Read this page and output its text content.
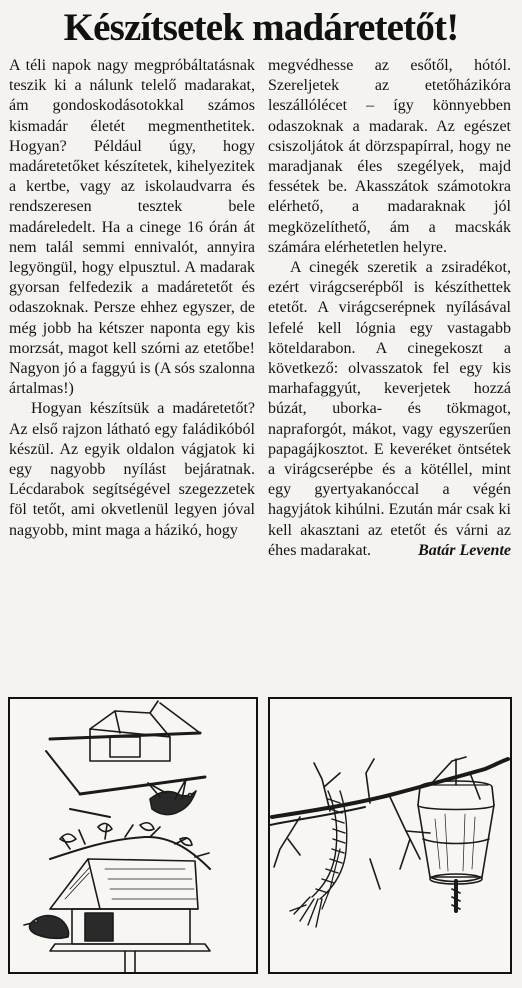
Készítsetek madáretetőt!

A téli napok nagy megpróbáltatásnak teszik ki a nálunk telelő madarakat, ám gondoskodásotokkal számos kismadár életét megmenthetitek. Hogyan? Például úgy, hogy madáretetőket készítetek, kihelyezitek a kertbe, vagy az iskolaudvarra és rendszeresen tesztek bele madáreledelt. Ha a cinege 16 órán át nem talál semmi ennivalót, annyira legyöngül, hogy elpusztul. A madarak gyorsan felfedezik a madáretetőt és odaszoknak. Persze ehhez egyszer, de még jobb ha kétszer naponta egy kis morzsát, magot kell szórni az etetőbe! Nagyon jó a faggyú is (A sós szalonna ártalmas!)

Hogyan készítsük a madáretetőt? Az első rajzon látható egy faládikóból készül. Az egyik oldalon vágjatok ki egy nagyobb nyílást bejáratnak. Lécdarabok segítségével szegezzetek föl tetőt, ami okvetlenül legyen jóval nagyobb, mint maga a házikó, hogy

megvédhesse az esőtől, hótól. Szereljetek az etetőházikóra leszállólécet – így könnyebben odaszoknak a madarak. Az egészet csiszoljátok át dörzspapírral, hogy ne maradjanak éles szegélyek, majd fessétek be. Akasszátok számotokra elérhető, a madaraknak jól megközelíthető, ám a macskák számára elérhetetlen helyre.

A cinegék szeretik a zsiradékot, ezért virágcserépből is készíthettek etetőt. A virágcserépnek nyílásával lefelé kell lógnia egy vastagabb köteldarabon. A cinegekoszt a következő: olvasszatok fel egy kis marhafaggyút, keverjetek hozzá búzát, uborka- és tökmagot, napraforgót, mákot, vagy egyszerűen papagájkosztot. E keveréket öntsétek a virágcserépbe és a kötéllel, mint egy gyertyakanóccal a végén hagyjátok kihúlni. Ezután már csak ki kell akasztani az etetőt és várni az éhes madarakat.	Batár Levente
